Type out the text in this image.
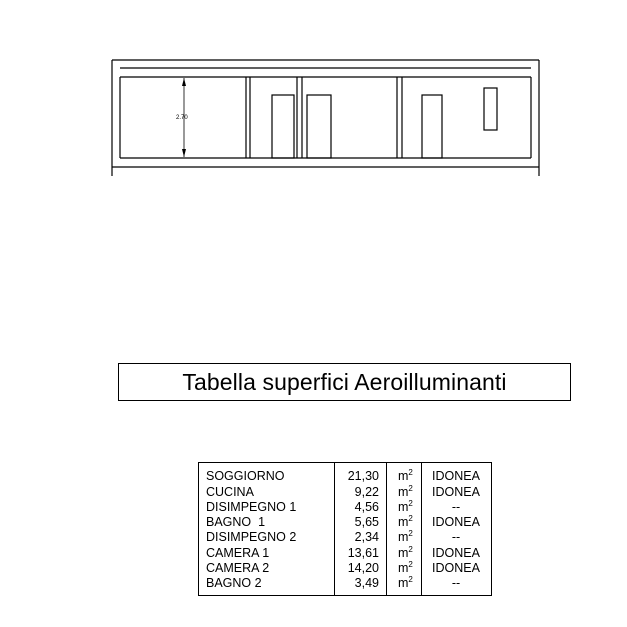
2.70
Tabella superfici Aeroilluminanti
SOGGIORNO	21,30 $m^2$	IDONEA
CUCINA	9,22 $m^2$	IDONEA
DISIMPEGNO 1	4,56 $m^2$	--
BAGNO  1	5,65 $m^2$	IDONEA
DISIMPEGNO 2	2,34 $m^2$	--
CAMERA 1	13,61 $m^2$	IDONEA
CAMERA 2	14,20 $m^2$	IDONEA
BAGNO 2	3,49 $m^2$	--
